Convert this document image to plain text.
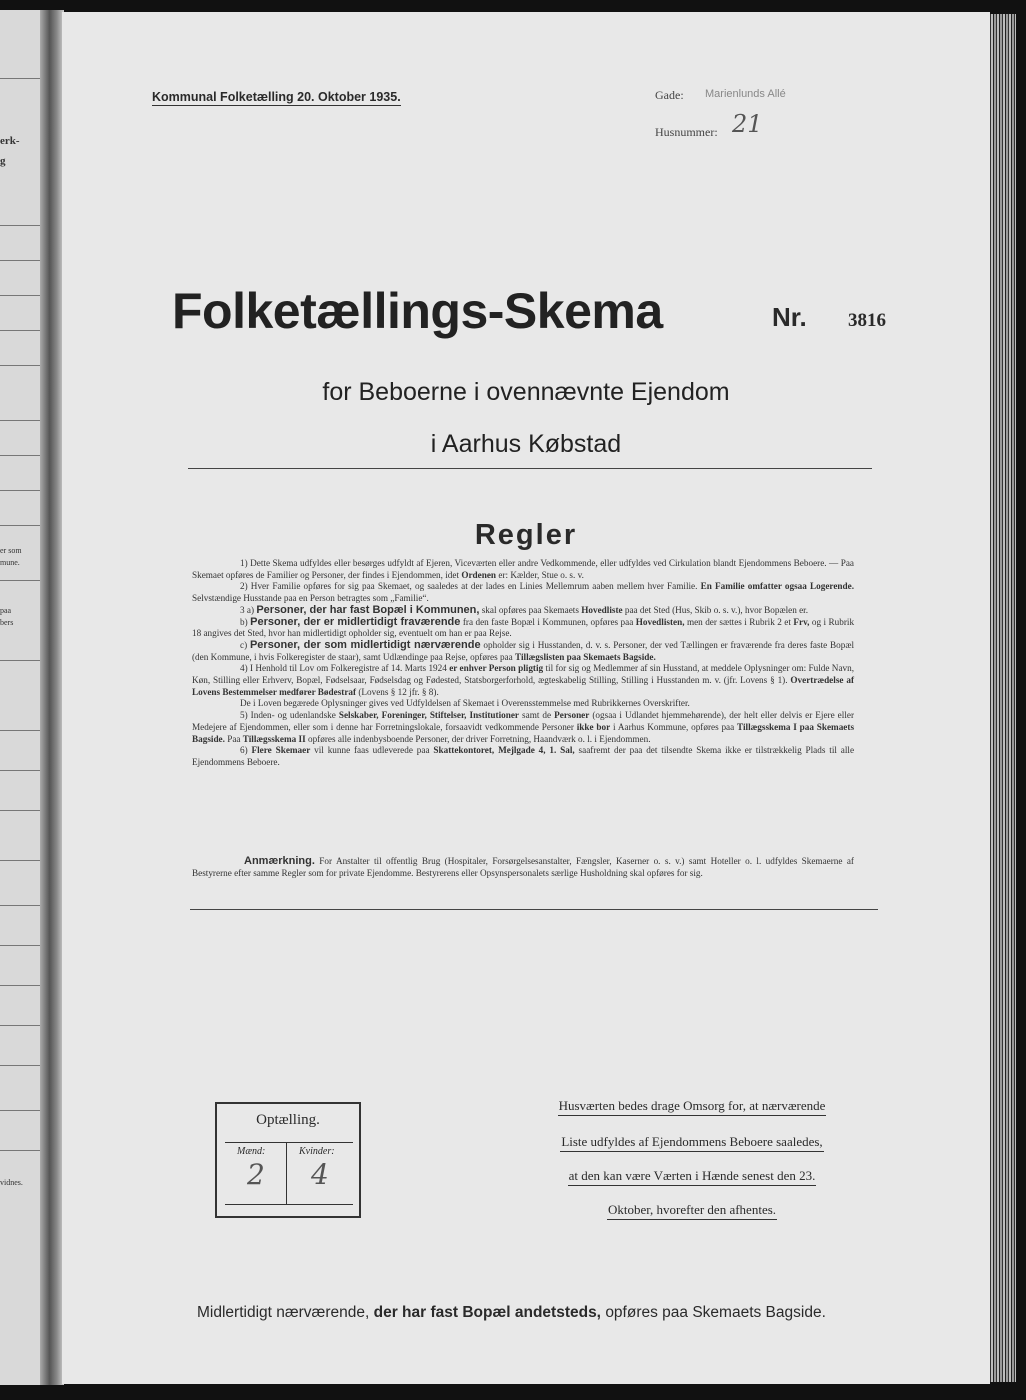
erk-
g
er som
mune.
paa
bers
vidnes.
Kommunal Folketælling 20. Oktober 1935.	Gade: Marienlunds Allé
Husnummer: 21
Folketællings-Skema	Nr. 3816
for Beboerne i ovennævnte Ejendom
i Aarhus Købstad
Regler

1) Dette Skema udfyldes eller besørges udfyldt af Ejeren, Viceværten eller andre Vedkommende, eller udfyldes ved Cirkulation blandt Ejendommens Beboere. — Paa Skemaet opføres de Familier og Personer, der findes i Ejendommen, idet Ordenen er: Kælder, Stue o. s. v.

2) Hver Familie opføres for sig paa Skemaet, og saaledes at der lades en Linies Mellemrum aaben mellem hver Familie. En Familie omfatter ogsaa Logerende. Selvstændige Husstande paa en Person betragtes som „Familie“.

3 a) Personer, der har fast Bopæl i Kommunen, skal opføres paa Skemaets Hovedliste paa det Sted (Hus, Skib o. s. v.), hvor Bopælen er.

b) Personer, der er midlertidigt fraværende fra den faste Bopæl i Kommunen, opføres paa Hovedlisten, men der sættes i Rubrik 2 et Frv, og i Rubrik 18 angives det Sted, hvor han midlertidigt opholder sig, eventuelt om han er paa Rejse.

c) Personer, der som midlertidigt nærværende opholder sig i Husstanden, d. v. s. Personer, der ved Tællingen er fraværende fra deres faste Bopæl (den Kommune, i hvis Folkeregister de staar), samt Udlændinge paa Rejse, opføres paa Tillægslisten paa Skemaets Bagside.

4) I Henhold til Lov om Folkeregistre af 14. Marts 1924 er enhver Person pligtig til for sig og Medlemmer af sin Husstand, at meddele Oplysninger om: Fulde Navn, Køn, Stilling eller Erhverv, Bopæl, Fødselsaar, Fødselsdag og Fødested, Statsborgerforhold, ægteskabelig Stilling, Stilling i Husstanden m. v. (jfr. Lovens § 1). Overtrædelse af Lovens Bestemmelser medfører Bødestraf (Lovens § 12 jfr. § 8).

De i Loven begærede Oplysninger gives ved Udfyldelsen af Skemaet i Overensstemmelse med Rubrikkernes Overskrifter.

5) Inden- og udenlandske Selskaber, Foreninger, Stiftelser, Institutioner samt de Personer (ogsaa i Udlandet hjemmehørende), der helt eller delvis er Ejere eller Medejere af Ejendommen, eller som i denne har Forretningslokale, forsaavidt vedkommende Personer ikke bor i Aarhus Kommune, opføres paa Tillægsskema I paa Skemaets Bagside. Paa Tillægsskema II opføres alle indenbysboende Personer, der driver Forretning, Haandværk o. l. i Ejendommen.

6) Flere Skemaer vil kunne faas udleverede paa Skattekontoret, Mejlgade 4, 1. Sal, saafremt der paa det tilsendte Skema ikke er tilstrækkelig Plads til alle Ejendommens Beboere.

Anmærkning. For Anstalter til offentlig Brug (Hospitaler, Forsørgelsesanstalter, Fængsler, Kaserner o. s. v.) samt Hoteller o. l. udfyldes Skemaerne af Bestyrerne efter samme Regler som for private Ejendomme. Bestyrerens eller Opsynspersonalets særlige Husholdning skal opføres for sig.
Optælling.
Mænd:
2
Kvinder:
4
Husværten bedes drage Omsorg for, at nærværende
Liste udfyldes af Ejendommens Beboere saaledes,
at den kan være Værten i Hænde senest den 23.
Oktober, hvorefter den afhentes.
Midlertidigt nærværende, der har fast Bopæl andetsteds, opføres paa Skemaets Bagside.
